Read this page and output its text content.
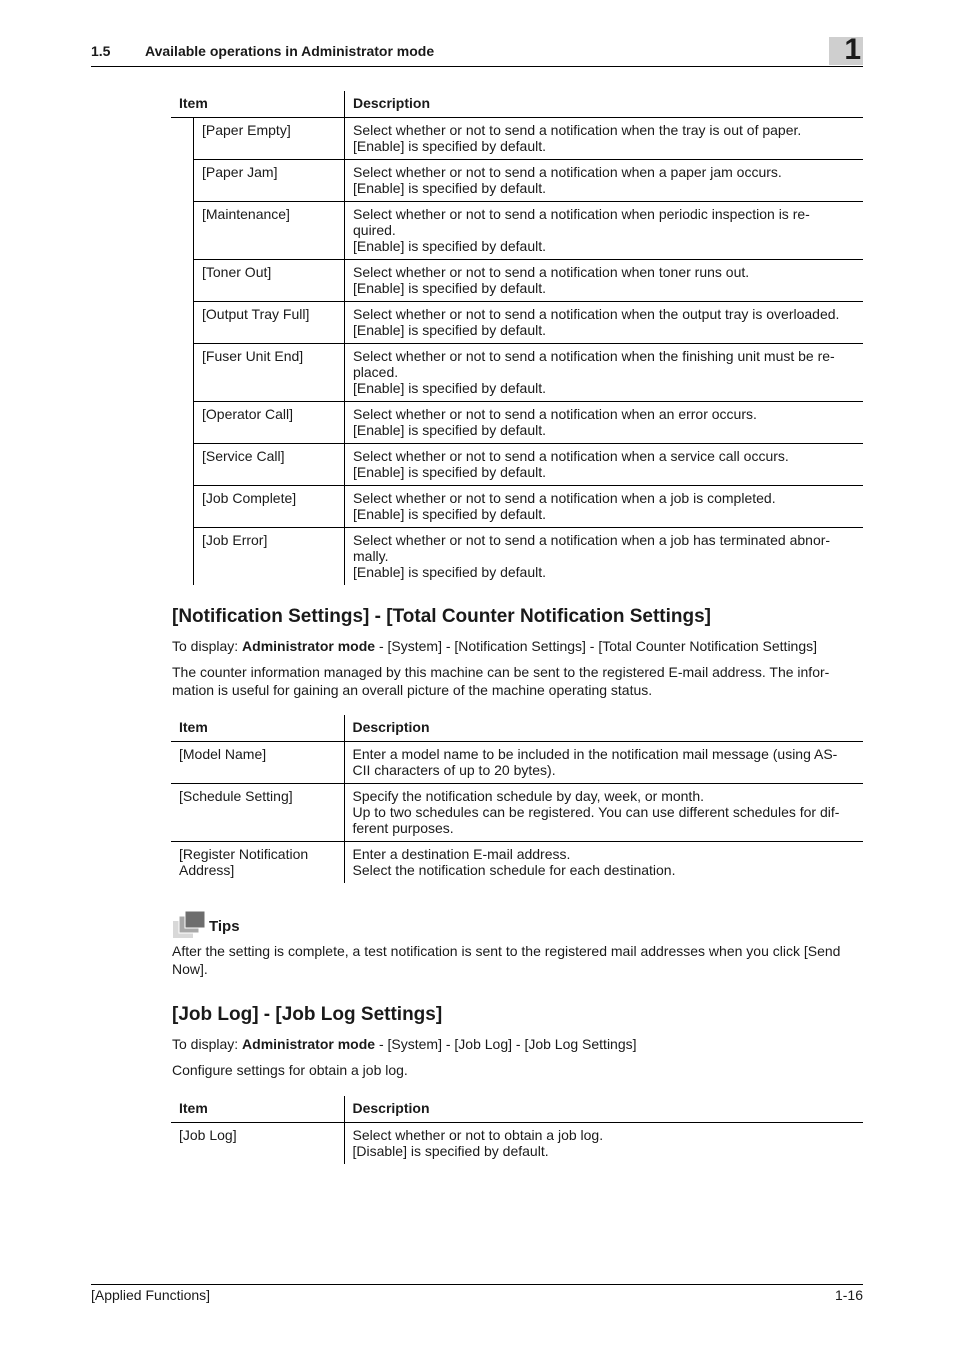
1.5 Available operations in Administrator mode	1
Item		Description
	[Paper Empty]	Select whether or not to send a notification when the tray is out of paper.
[Enable] is specified by default.

	[Paper Jam]	Select whether or not to send a notification when a paper jam occurs.
[Enable] is specified by default.

	[Maintenance]	Select whether or not to send a notification when periodic inspection is re-
quired.
[Enable] is specified by default.

	[Toner Out]	Select whether or not to send a notification when toner runs out.
[Enable] is specified by default.

	[Output Tray Full]	Select whether or not to send a notification when the output tray is overloaded.
[Enable] is specified by default.

	[Fuser Unit End]	Select whether or not to send a notification when the finishing unit must be re-
placed.
[Enable] is specified by default.

	[Operator Call]	Select whether or not to send a notification when an error occurs.
[Enable] is specified by default.

	[Service Call]	Select whether or not to send a notification when a service call occurs.
[Enable] is specified by default.

	[Job Complete]	Select whether or not to send a notification when a job is completed.
[Enable] is specified by default.

	[Job Error]	Select whether or not to send a notification when a job has terminated abnor-
mally.
[Enable] is specified by default.
[Notification Settings] - [Total Counter Notification Settings]

To display: Administrator mode - [System] - [Notification Settings] - [Total Counter Notification Settings]

The counter information managed by this machine can be sent to the registered E-mail address. The infor-mation is useful for gaining an overall picture of the machine operating status.

Item	Description

[Model Name]	Enter a model name to be included in the notification mail message (using AS-
CII characters of up to 20 bytes).

[Schedule Setting]	Specify the notification schedule by day, week, or month.
Up to two schedules can be registered. You can use different schedules for dif-
ferent purposes.

[Register Notification
Address]	Enter a destination E-mail address.
Select the notification schedule for each destination.
Tips

After the setting is complete, a test notification is sent to the registered mail addresses when you click [Send Now].

[Job Log] - [Job Log Settings]

To display: Administrator mode - [System] - [Job Log] - [Job Log Settings]

Configure settings for obtain a job log.

Item	Description

[Job Log]	Select whether or not to obtain a job log.
[Disable] is specified by default.
[Applied Functions]	1-16
